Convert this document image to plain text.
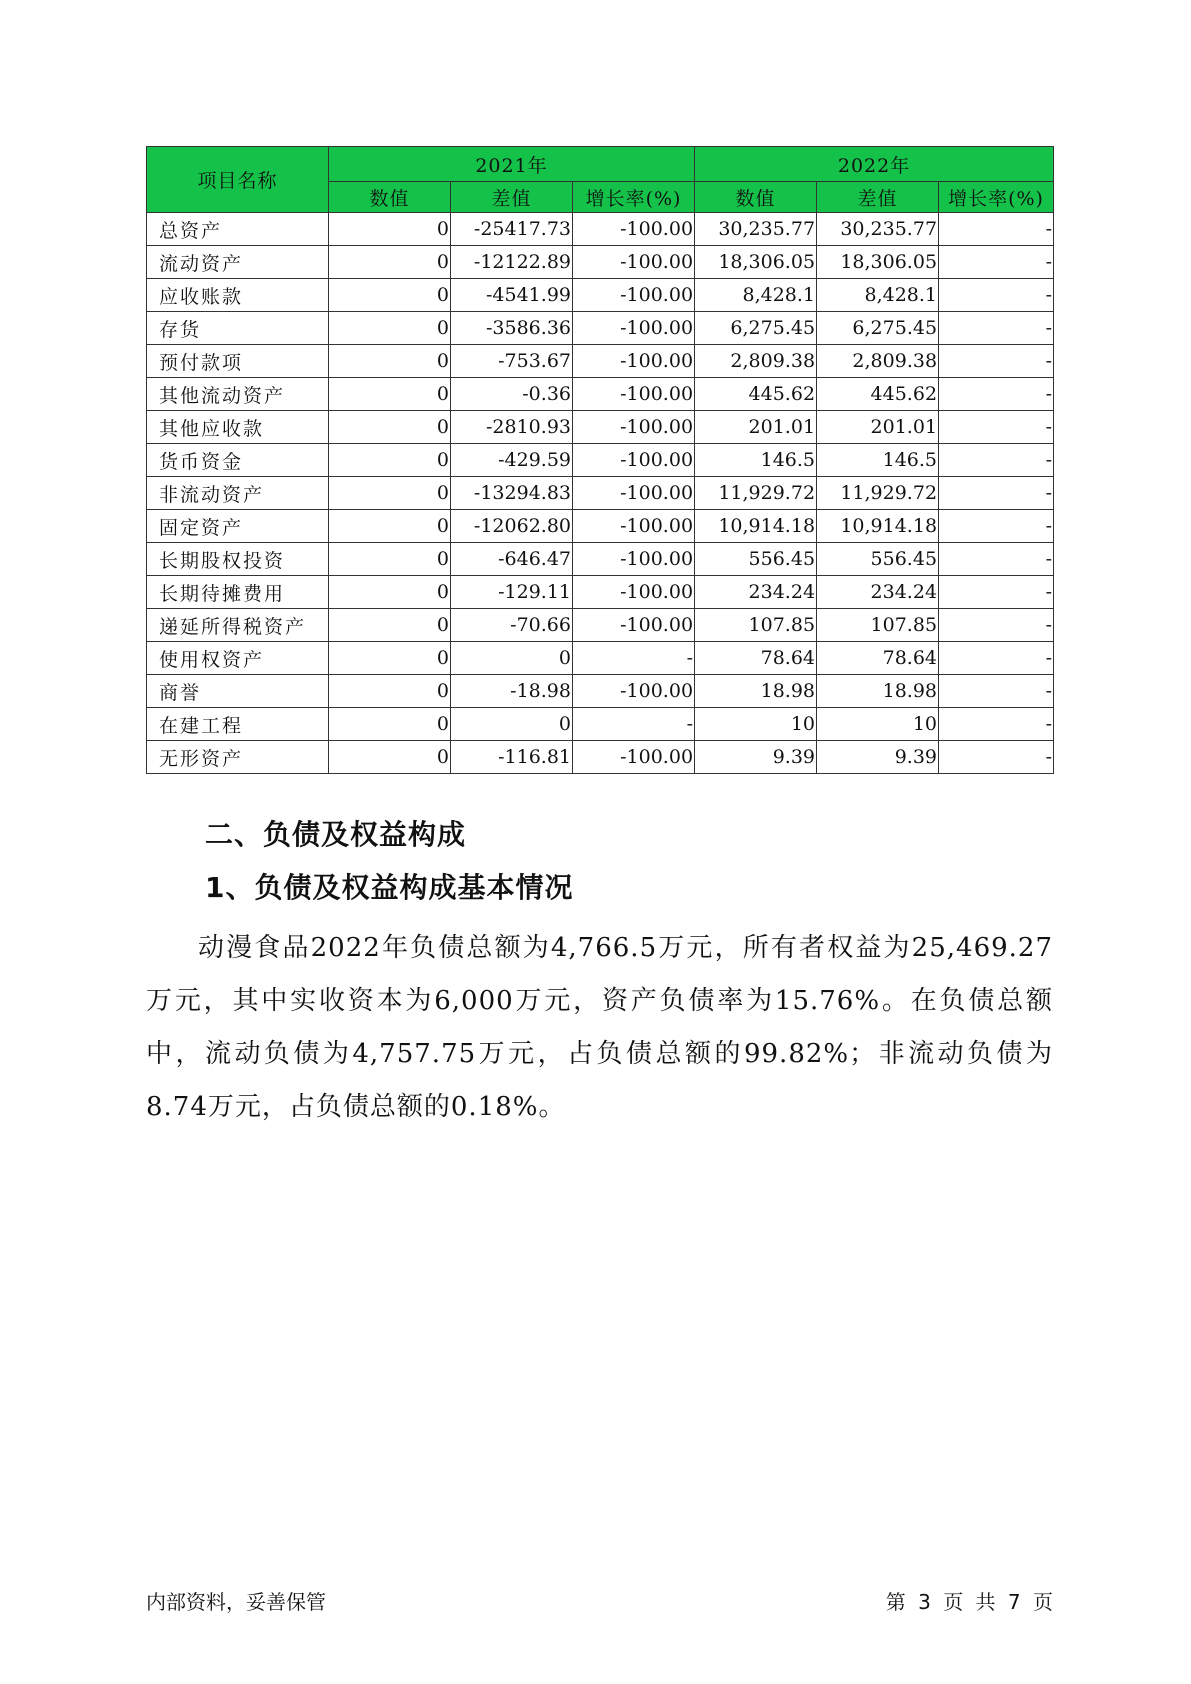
项目名称	2021年			2022年		
	数值	差值	增长率(%)	数值	差值	增长率(%)
总资产	0	-25417.73	-100.00	30,235.77	30,235.77	-
流动资产	0	-12122.89	-100.00	18,306.05	18,306.05	-
应收账款	0	-4541.99	-100.00	8,428.1	8,428.1	-
存货	0	-3586.36	-100.00	6,275.45	6,275.45	-
预付款项	0	-753.67	-100.00	2,809.38	2,809.38	-
其他流动资产	0	-0.36	-100.00	445.62	445.62	-
其他应收款	0	-2810.93	-100.00	201.01	201.01	-
货币资金	0	-429.59	-100.00	146.5	146.5	-
非流动资产	0	-13294.83	-100.00	11,929.72	11,929.72	-
固定资产	0	-12062.80	-100.00	10,914.18	10,914.18	-
长期股权投资	0	-646.47	-100.00	556.45	556.45	-
长期待摊费用	0	-129.11	-100.00	234.24	234.24	-
递延所得税资产	0	-70.66	-100.00	107.85	107.85	-
使用权资产	0	0	-	78.64	78.64	-
商誉	0	-18.98	-100.00	18.98	18.98	-
在建工程	0	0	-	10	10	-
无形资产	0	-116.81	-100.00	9.39	9.39	-
二、负债及权益构成
1、负债及权益构成基本情况

动漫食品2022年负债总额为4,766.5万元，所有者权益为25,469.27万元，其中实收资本为6,000万元，资产负债率为15.76%。在负债总额中，流动负债为4,757.75万元，占负债总额的99.82%；非流动负债为8.74万元，占负债总额的0.18%。

内部资料，妥善保管	第 3 页 共 7 页
